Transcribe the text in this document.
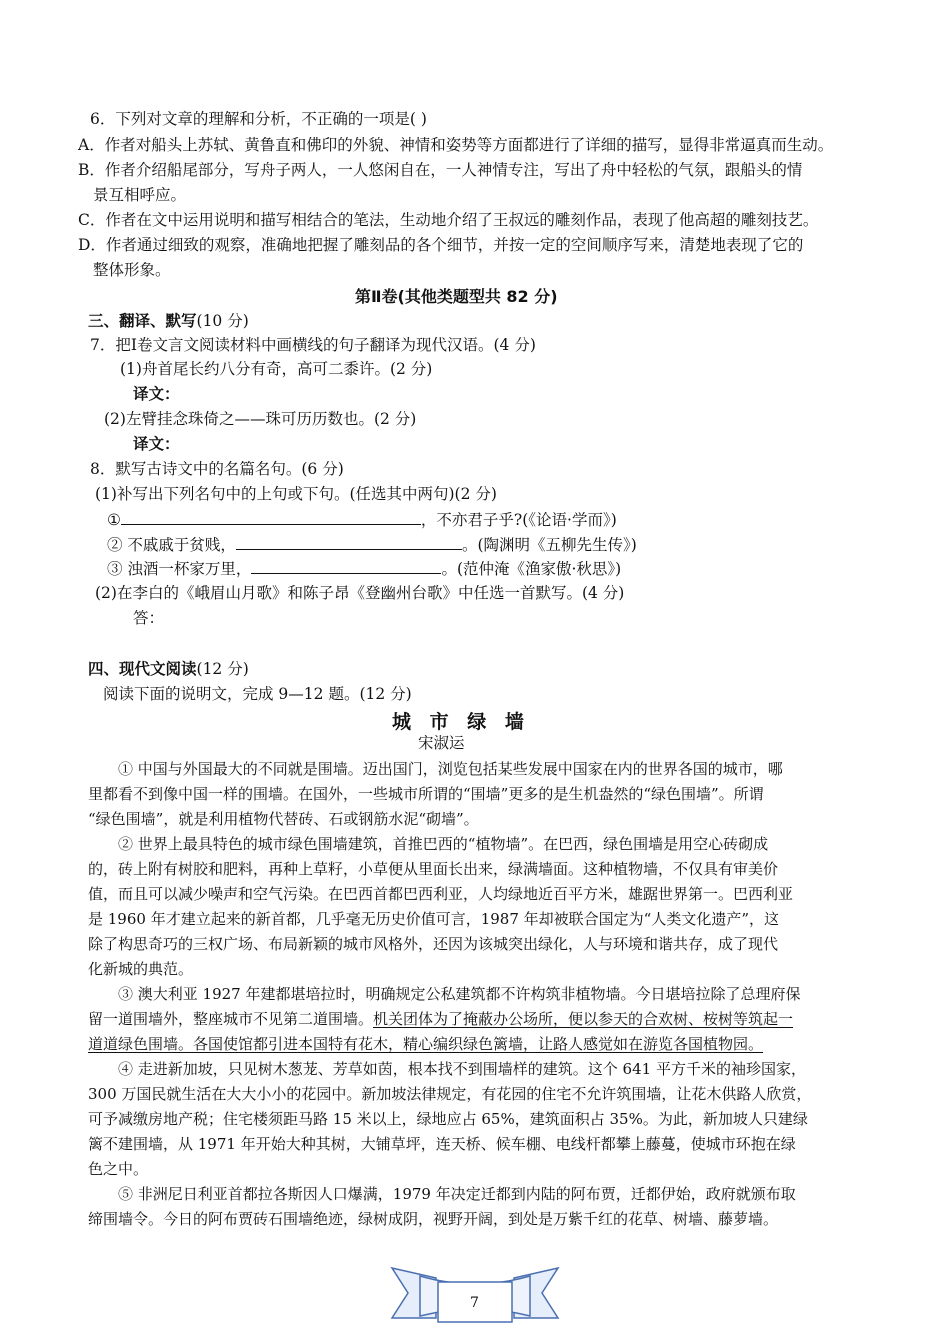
6．下列对文章的理解和分析，不正确的一项是( )
A．作者对船头上苏轼、黄鲁直和佛印的外貌、神情和姿势等方面都进行了详细的描写，显得非常逼真而生动。
B．作者介绍船尾部分，写舟子两人，一人悠闲自在，一人神情专注，写出了舟中轻松的气氛，跟船头的情
景互相呼应。
C．作者在文中运用说明和描写相结合的笔法，生动地介绍了王叔远的雕刻作品，表现了他高超的雕刻技艺。
D．作者通过细致的观察，准确地把握了雕刻品的各个细节，并按一定的空间顺序写来，清楚地表现了它的
整体形象。
第Ⅱ卷(其他类题型共 82 分)
三、翻译、默写(10 分)
7．把Ⅰ卷文言文阅读材料中画横线的句子翻译为现代汉语。(4 分)
(1)舟首尾长约八分有奇，高可二黍许。(2 分)
译文：
(2)左臂挂念珠倚之——珠可历历数也。(2 分)
译文：
8．默写古诗文中的名篇名句。(6 分)
(1)补写出下列名句中的上句或下句。(任选其中两句)(2 分)
①	，不亦君子乎?(《论语·学而》)
② 不戚戚于贫贱，	。(陶渊明《五柳先生传》)
③ 浊酒一杯家万里，	。(范仲淹《渔家傲·秋思》)
(2)在李白的《峨眉山月歌》和陈子昂《登幽州台歌》中任选一首默写。(4 分)
答：
四、现代文阅读(12 分)
阅读下面的说明文，完成 9—12 题。(12 分)
城 市 绿 墙
宋淑运
① 中国与外国最大的不同就是围墙。迈出国门，浏览包括某些发展中国家在内的世界各国的城市，哪
里都看不到像中国一样的围墙。在国外，一些城市所谓的“围墙”更多的是生机盎然的“绿色围墙”。所谓
“绿色围墙”，就是利用植物代替砖、石或钢筋水泥“砌墙”。
② 世界上最具特色的城市绿色围墙建筑，首推巴西的“植物墙”。在巴西，绿色围墙是用空心砖砌成
的，砖上附有树胶和肥料，再种上草籽，小草便从里面长出来，绿满墙面。这种植物墙，不仅具有审美价
值，而且可以减少噪声和空气污染。在巴西首都巴西利亚，人均绿地近百平方米，雄踞世界第一。巴西利亚
是 1960 年才建立起来的新首都，几乎毫无历史价值可言，1987 年却被联合国定为“人类文化遗产”，这
除了构思奇巧的三权广场、布局新颖的城市风格外，还因为该城突出绿化，人与环境和谐共存，成了现代
化新城的典范。
③ 澳大利亚 1927 年建都堪培拉时，明确规定公私建筑都不许构筑非植物墙。今日堪培拉除了总理府保
留一道围墙外，整座城市不见第二道围墙。机关团体为了掩蔽办公场所，便以参天的合欢树、桉树等筑起一
道道绿色围墙。各国使馆都引进本国特有花木，精心编织绿色篱墙，让路人感觉如在游览各国植物园。
④ 走进新加坡，只见树木葱茏、芳草如茵，根本找不到围墙样的建筑。这个 641 平方千米的袖珍国家，
300 万国民就生活在大大小小的花园中。新加坡法律规定，有花园的住宅不允许筑围墙，让花木供路人欣赏，
可予减缴房地产税；住宅楼须距马路 15 米以上，绿地应占 65%，建筑面积占 35%。为此，新加坡人只建绿
篱不建围墙，从 1971 年开始大种其树，大铺草坪，连天桥、候车棚、电线杆都攀上藤蔓，使城市环抱在绿
色之中。
⑤ 非洲尼日利亚首都拉各斯因人口爆满，1979 年决定迁都到内陆的阿布贾，迁都伊始，政府就颁布取
缔围墙令。今日的阿布贾砖石围墙绝迹，绿树成阴，视野开阔，到处是万紫千红的花草、树墙、藤萝墙。
7
